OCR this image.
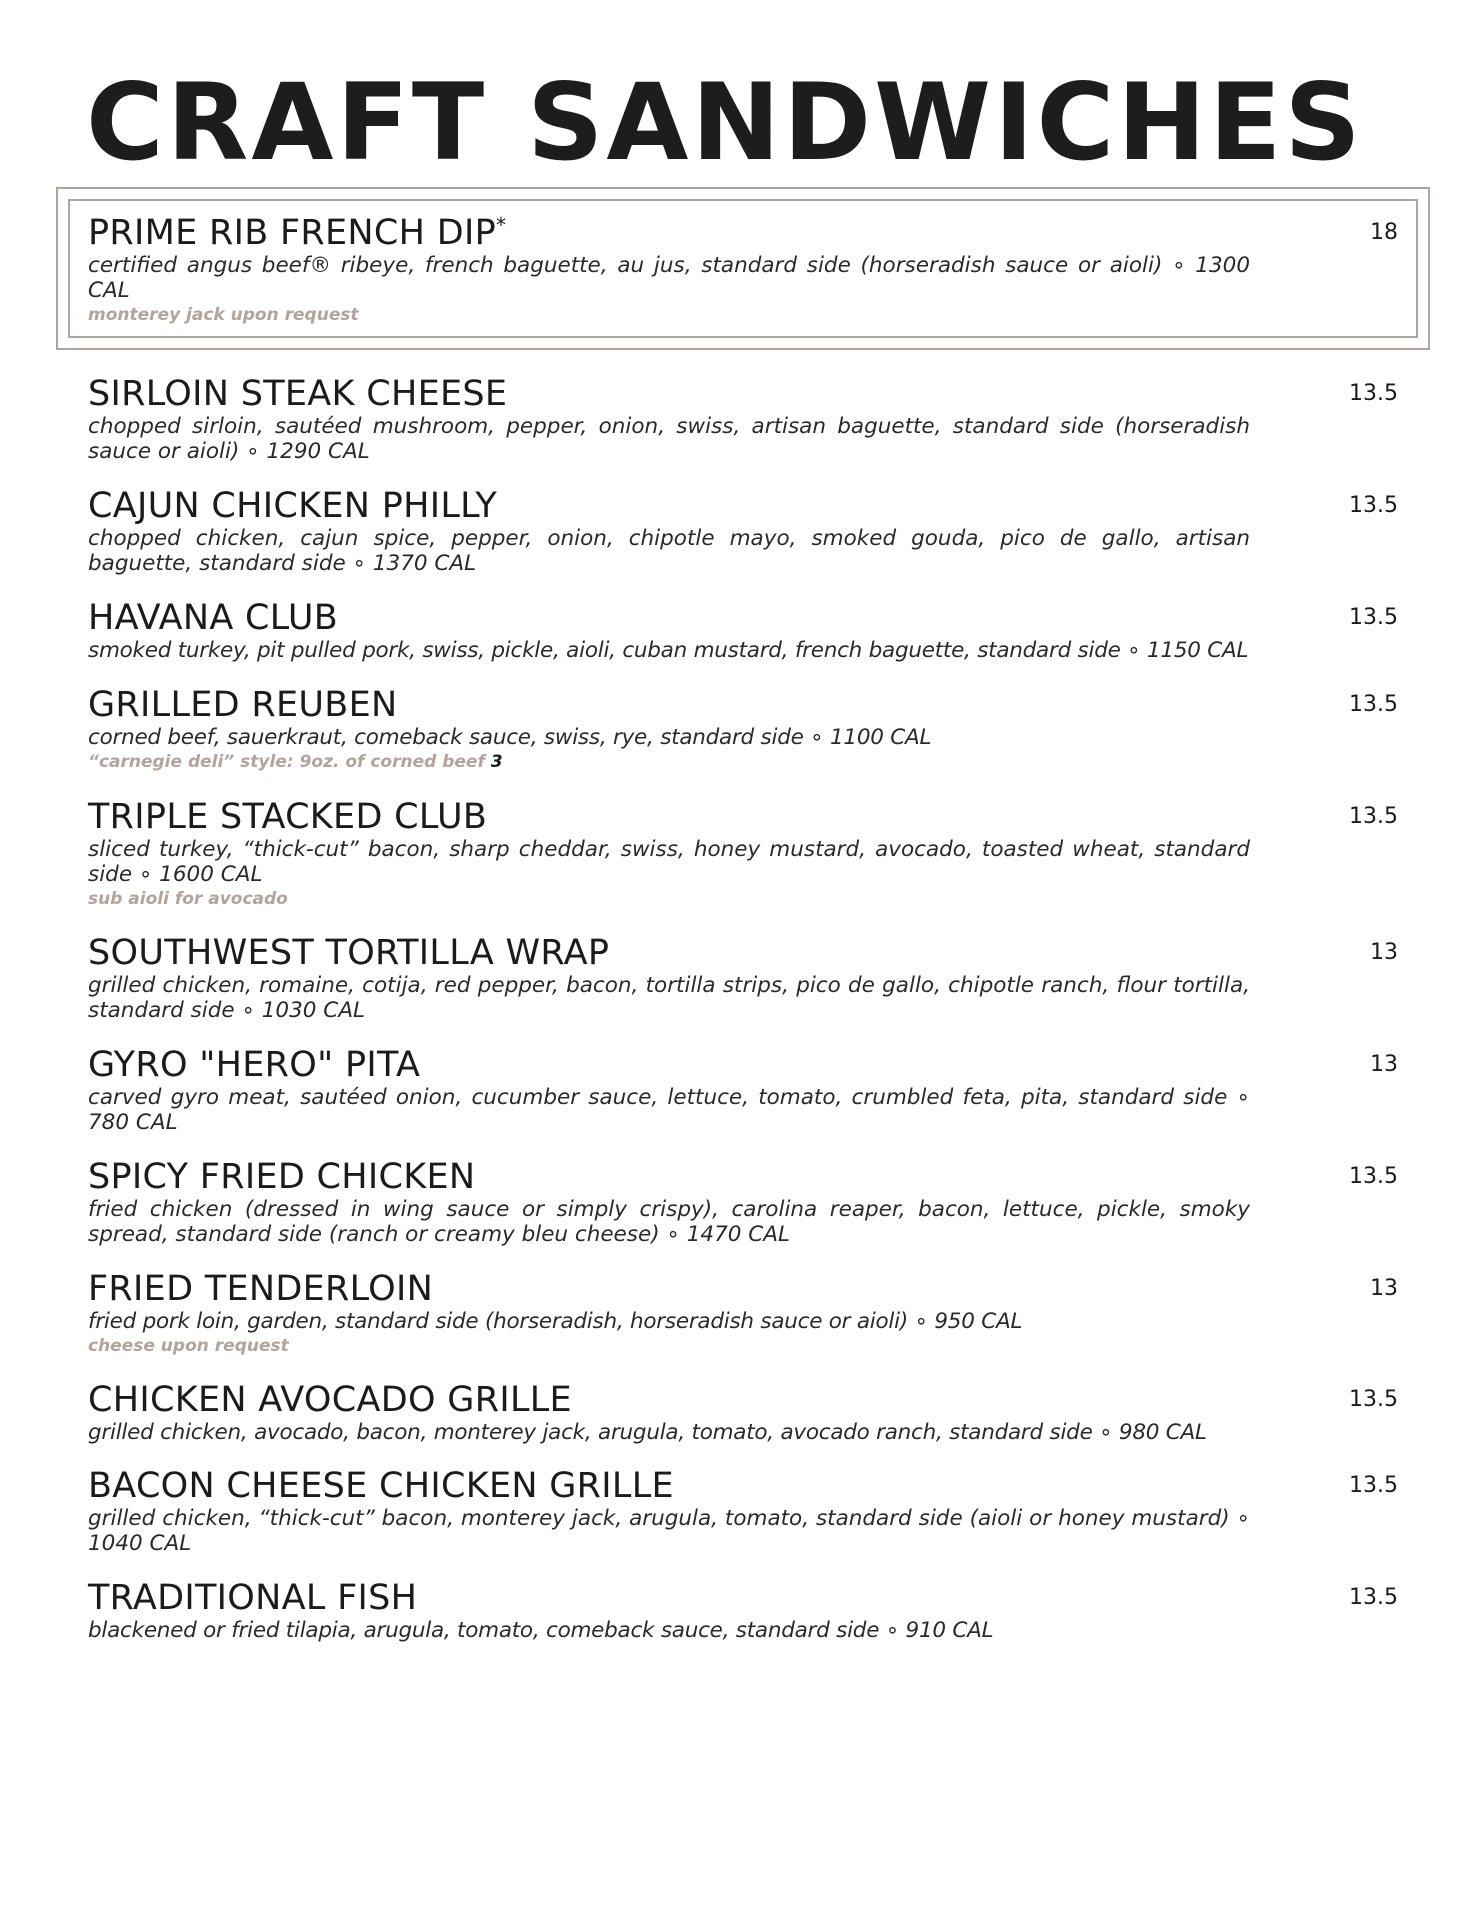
CRAFT SANDWICHES
PRIME RIB FRENCH DIP*	18
certified angus beef® ribeye, french baguette, au jus, standard side (horseradish sauce or aioli) ∘ 1300 CAL
monterey jack upon request
SIRLOIN STEAK CHEESE	13.5
chopped sirloin, sautéed mushroom, pepper, onion, swiss, artisan baguette, standard side (horseradish sauce or aioli) ∘ 1290 CAL
CAJUN CHICKEN PHILLY	13.5
chopped chicken, cajun spice, pepper, onion, chipotle mayo, smoked gouda, pico de gallo, artisan baguette, standard side ∘ 1370 CAL
HAVANA CLUB	13.5
smoked turkey, pit pulled pork, swiss, pickle, aioli, cuban mustard, french baguette, standard side ∘ 1150 CAL
GRILLED REUBEN	13.5
corned beef, sauerkraut, comeback sauce, swiss, rye, standard side ∘ 1100 CAL
“carnegie deli” style: 9oz. of corned beef 3
TRIPLE STACKED CLUB	13.5
sliced turkey, “thick-cut” bacon, sharp cheddar, swiss, honey mustard, avocado, toasted wheat, standard side ∘ 1600 CAL
sub aioli for avocado
SOUTHWEST TORTILLA WRAP	13
grilled chicken, romaine, cotija, red pepper, bacon, tortilla strips, pico de gallo, chipotle ranch, flour tortilla, standard side ∘ 1030 CAL
GYRO "HERO" PITA	13
carved gyro meat, sautéed onion, cucumber sauce, lettuce, tomato, crumbled feta, pita, standard side ∘ 780 CAL
SPICY FRIED CHICKEN	13.5
fried chicken (dressed in wing sauce or simply crispy), carolina reaper, bacon, lettuce, pickle, smoky spread, standard side (ranch or creamy bleu cheese) ∘ 1470 CAL
FRIED TENDERLOIN	13
fried pork loin, garden, standard side (horseradish, horseradish sauce or aioli) ∘ 950 CAL
cheese upon request
CHICKEN AVOCADO GRILLE	13.5
grilled chicken, avocado, bacon, monterey jack, arugula, tomato, avocado ranch, standard side ∘ 980 CAL
BACON CHEESE CHICKEN GRILLE	13.5
grilled chicken, “thick-cut” bacon, monterey jack, arugula, tomato, standard side (aioli or honey mustard) ∘ 1040 CAL
TRADITIONAL FISH	13.5
blackened or fried tilapia, arugula, tomato, comeback sauce, standard side ∘ 910 CAL
